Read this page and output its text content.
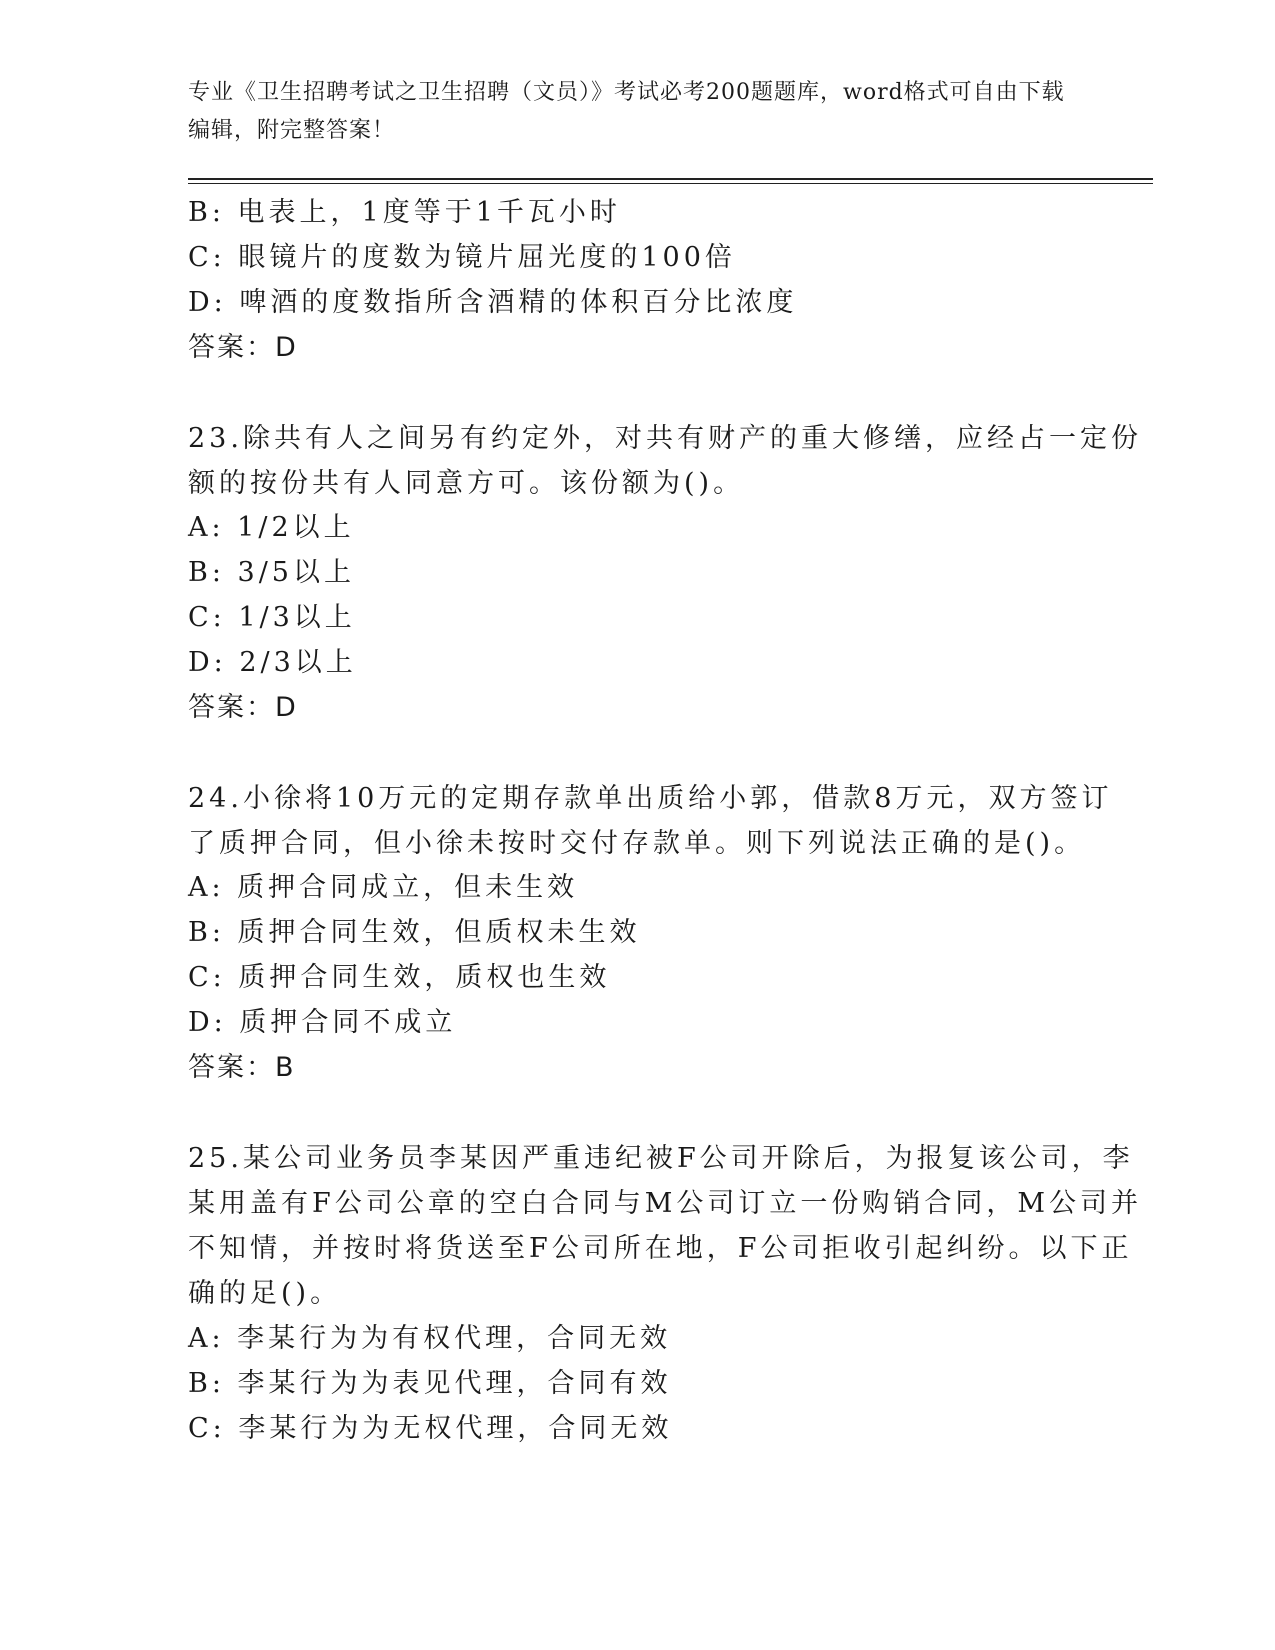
专业《卫生招聘考试之卫生招聘（文员）》考试必考200题题库，word格式可自由下载编辑，附完整答案！
B: 电表上，1度等于1千瓦小时
C: 眼镜片的度数为镜片屈光度的100倍
D: 啤酒的度数指所含酒精的体积百分比浓度
答案：D
23.除共有人之间另有约定外，对共有财产的重大修缮，应经占一定份
额的按份共有人同意方可。该份额为()。
A: 1/2以上
B: 3/5以上
C: 1/3以上
D: 2/3以上
答案：D
24.小徐将10万元的定期存款单出质给小郭，借款8万元，双方签订
了质押合同，但小徐未按时交付存款单。则下列说法正确的是()。
A: 质押合同成立，但未生效
B: 质押合同生效，但质权未生效
C: 质押合同生效，质权也生效
D: 质押合同不成立
答案：B
25.某公司业务员李某因严重违纪被F公司开除后，为报复该公司，李
某用盖有F公司公章的空白合同与M公司订立一份购销合同，M公司并
不知情，并按时将货送至F公司所在地，F公司拒收引起纠纷。以下正
确的足()。
A: 李某行为为有权代理，合同无效
B: 李某行为为表见代理，合同有效
C: 李某行为为无权代理，合同无效
